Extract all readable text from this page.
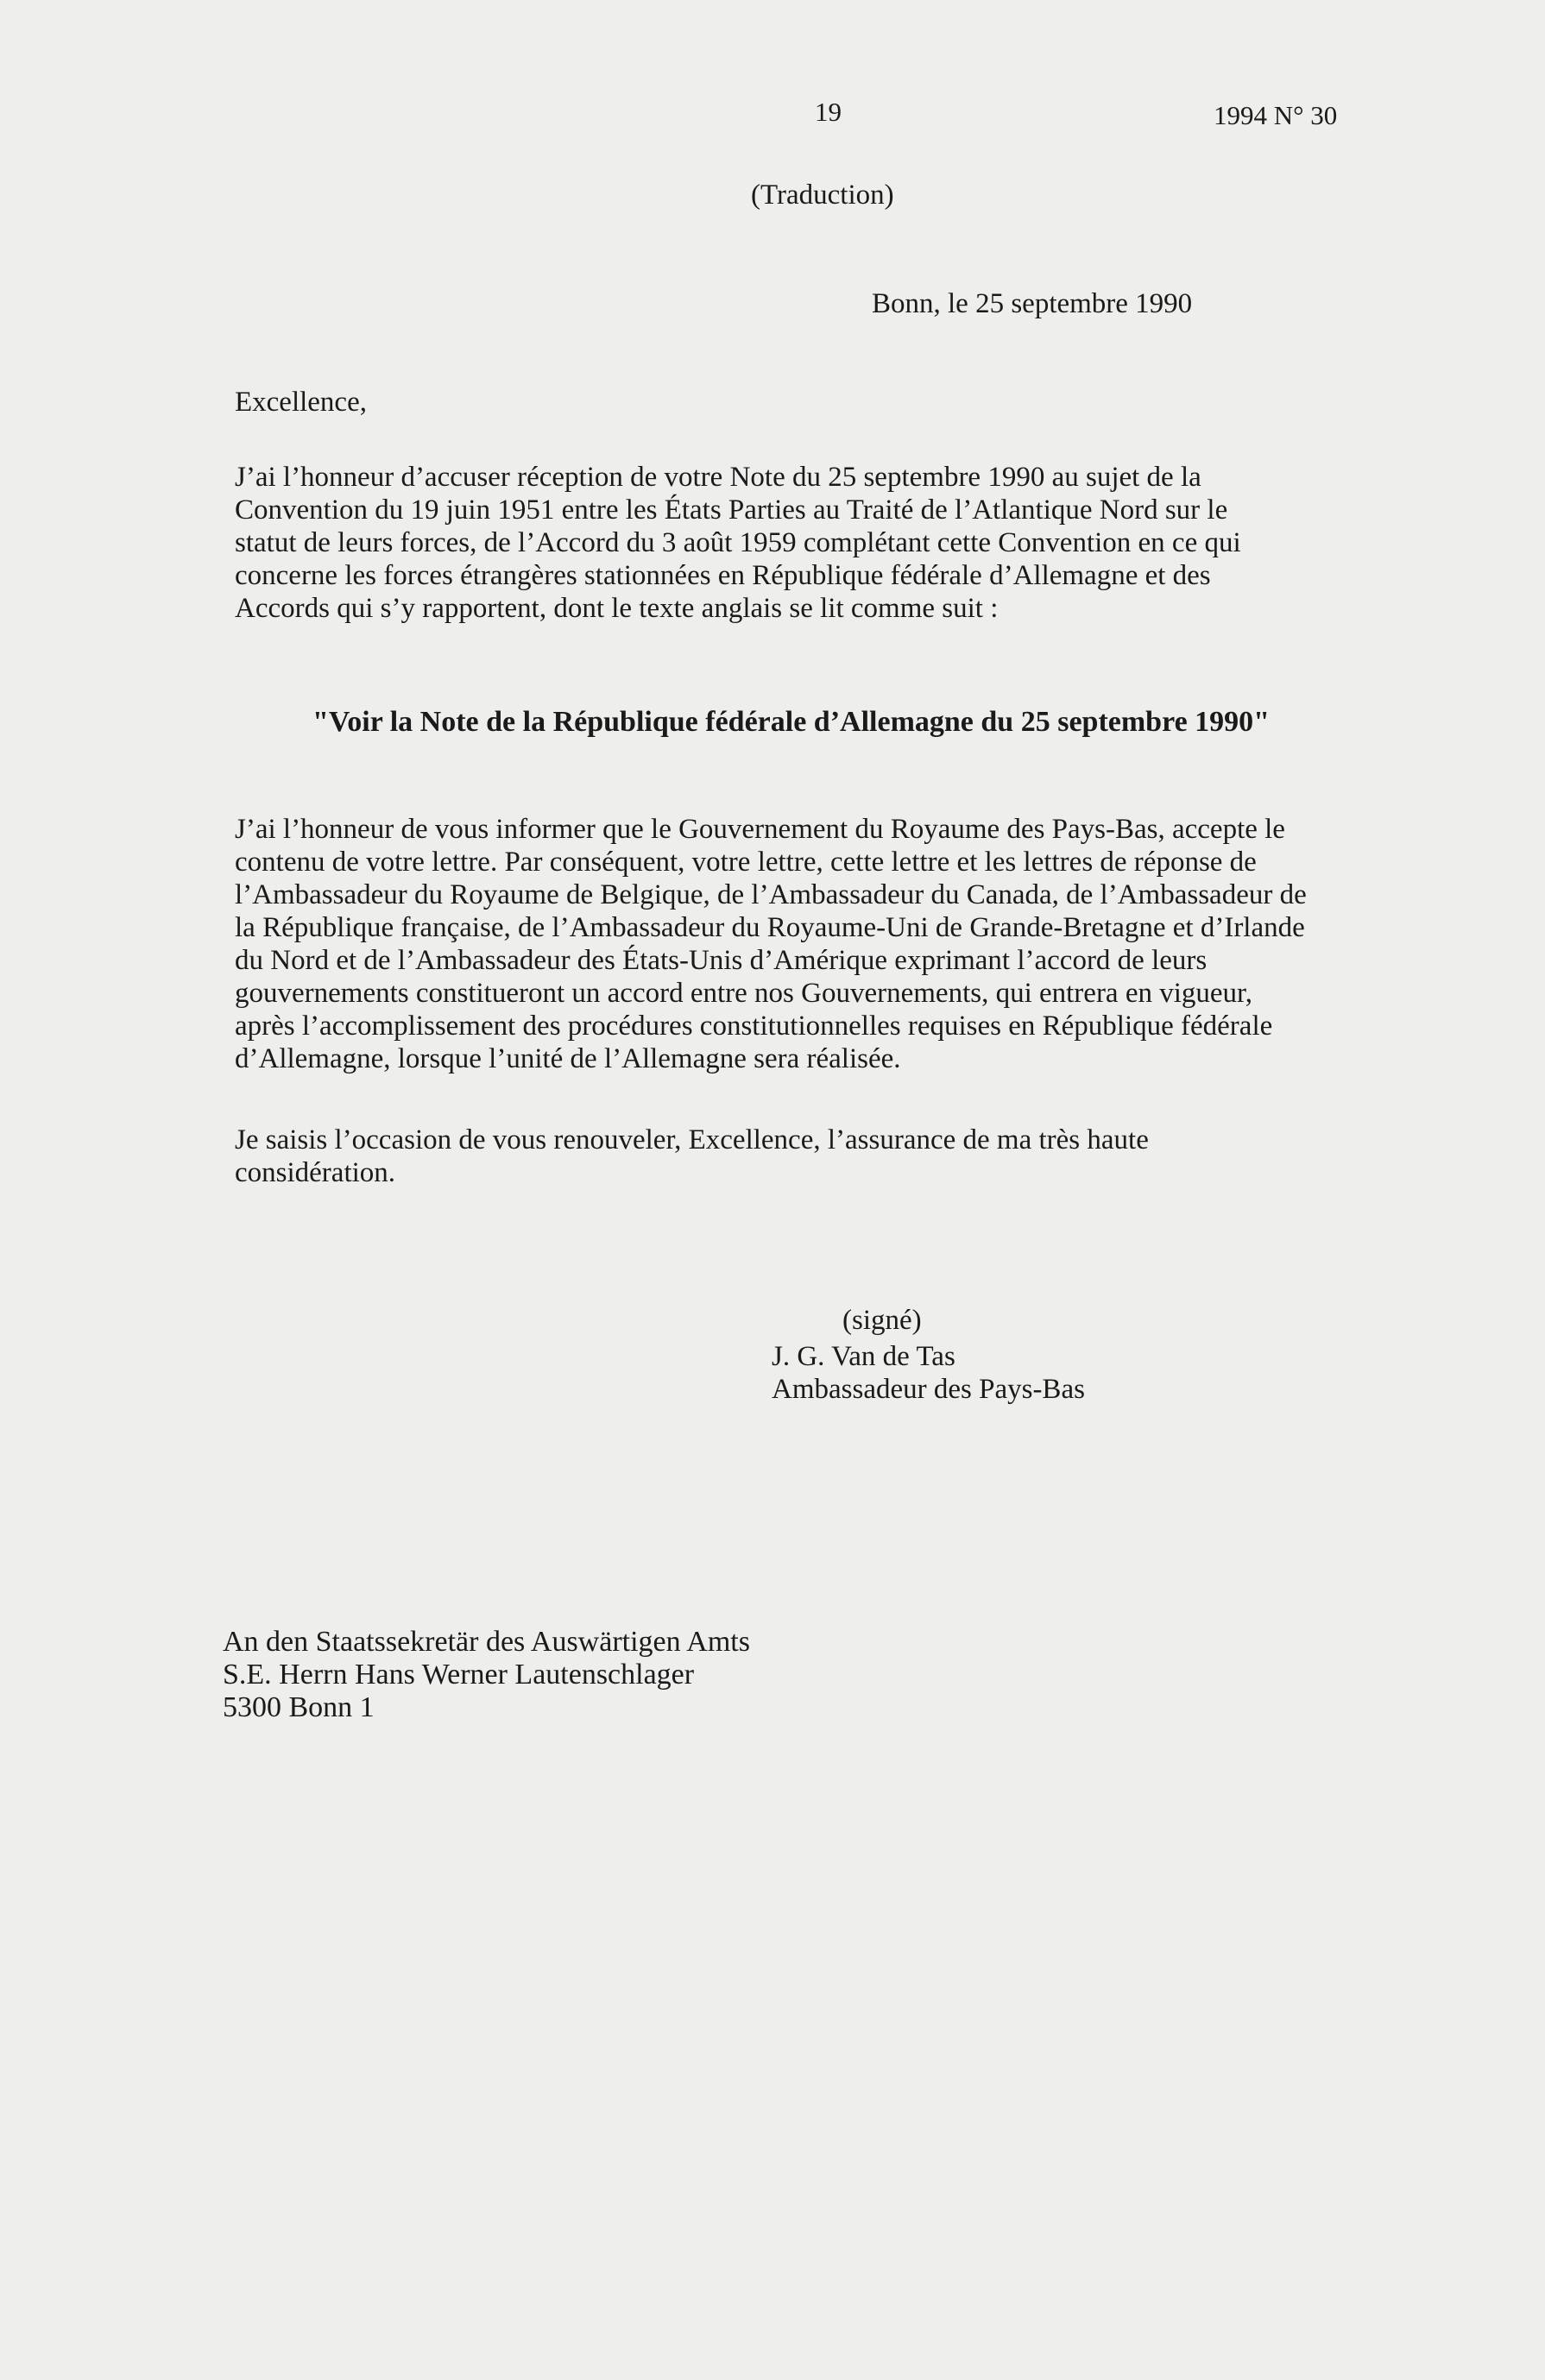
19	1994 N° 30
(Traduction)
Bonn, le 25 septembre 1990
Excellence,
J’ai l’honneur d’accuser réception de votre Note du 25 septembre 1990 au sujet de la
Convention du 19 juin 1951 entre les États Parties au Traité de l’Atlantique Nord sur le
statut de leurs forces, de l’Accord du 3 août 1959 complétant cette Convention en ce qui
concerne les forces étrangères stationnées en République fédérale d’Allemagne et des
Accords qui s’y rapportent, dont le texte anglais se lit comme suit :
"Voir la Note de la République fédérale d’Allemagne du 25 septembre 1990"
J’ai l’honneur de vous informer que le Gouvernement du Royaume des Pays-Bas, accepte le
contenu de votre lettre. Par conséquent, votre lettre, cette lettre et les lettres de réponse de
l’Ambassadeur du Royaume de Belgique, de l’Ambassadeur du Canada, de l’Ambassadeur de
la République française, de l’Ambassadeur du Royaume-Uni de Grande-Bretagne et d’Irlande
du Nord et de l’Ambassadeur des États-Unis d’Amérique exprimant l’accord de leurs
gouvernements constitueront un accord entre nos Gouvernements, qui entrera en vigueur,
après l’accomplissement des procédures constitutionnelles requises en République fédérale
d’Allemagne, lorsque l’unité de l’Allemagne sera réalisée.
Je saisis l’occasion de vous renouveler, Excellence, l’assurance de ma très haute
considération.
(signé)
J. G. Van de Tas
Ambassadeur des Pays-Bas
An den Staatssekretär des Auswärtigen Amts
S.E. Herrn Hans Werner Lautenschlager
5300 Bonn 1
